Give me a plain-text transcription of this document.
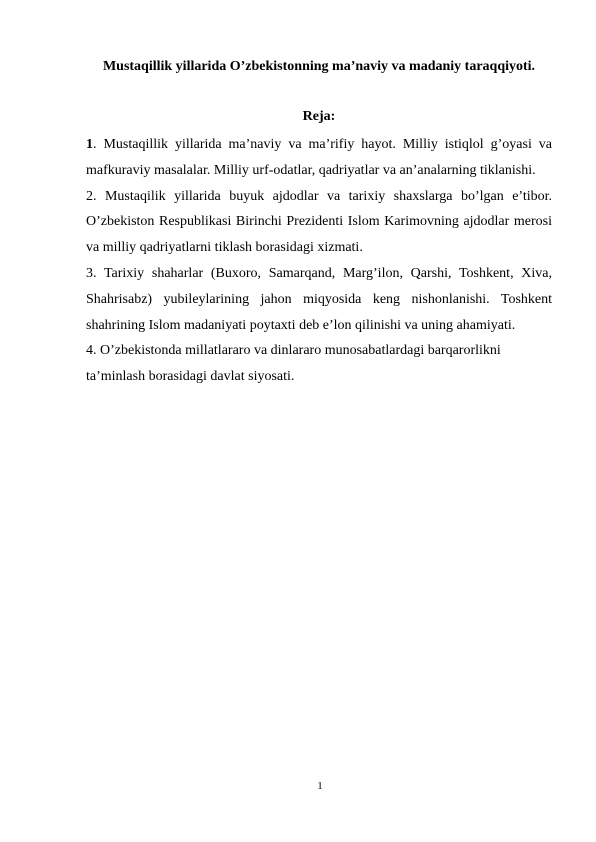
Mustaqillik yillarida O’zbekistonning ma’naviy va madaniy taraqqiyoti.
Reja:

1. Mustaqillik yillarida ma’naviy va ma’rifiy hayot. Milliy istiqlol g’oyasi va mafkuraviy masalalar. Milliy urf-odatlar, qadriyatlar va an’analarning tiklanishi.

2. Mustaqilik yillarida buyuk ajdodlar va tarixiy shaxslarga bo’lgan e’tibor. O’zbekiston Respublikasi Birinchi Prezidenti Islom Karimovning ajdodlar merosi va milliy qadriyatlarni tiklash borasidagi xizmati.

3. Tarixiy shaharlar (Buxoro, Samarqand, Marg’ilon, Qarshi, Toshkent, Xiva, Shahrisabz) yubileylarining jahon miqyosida keng nishonlanishi. Toshkent shahrining Islom madaniyati poytaxti deb e’lon qilinishi va uning ahamiyati.

4. O’zbekistonda millatlararo va dinlararo munosabatlardagi barqarorlikni
ta’minlash borasidagi davlat siyosati.

1
